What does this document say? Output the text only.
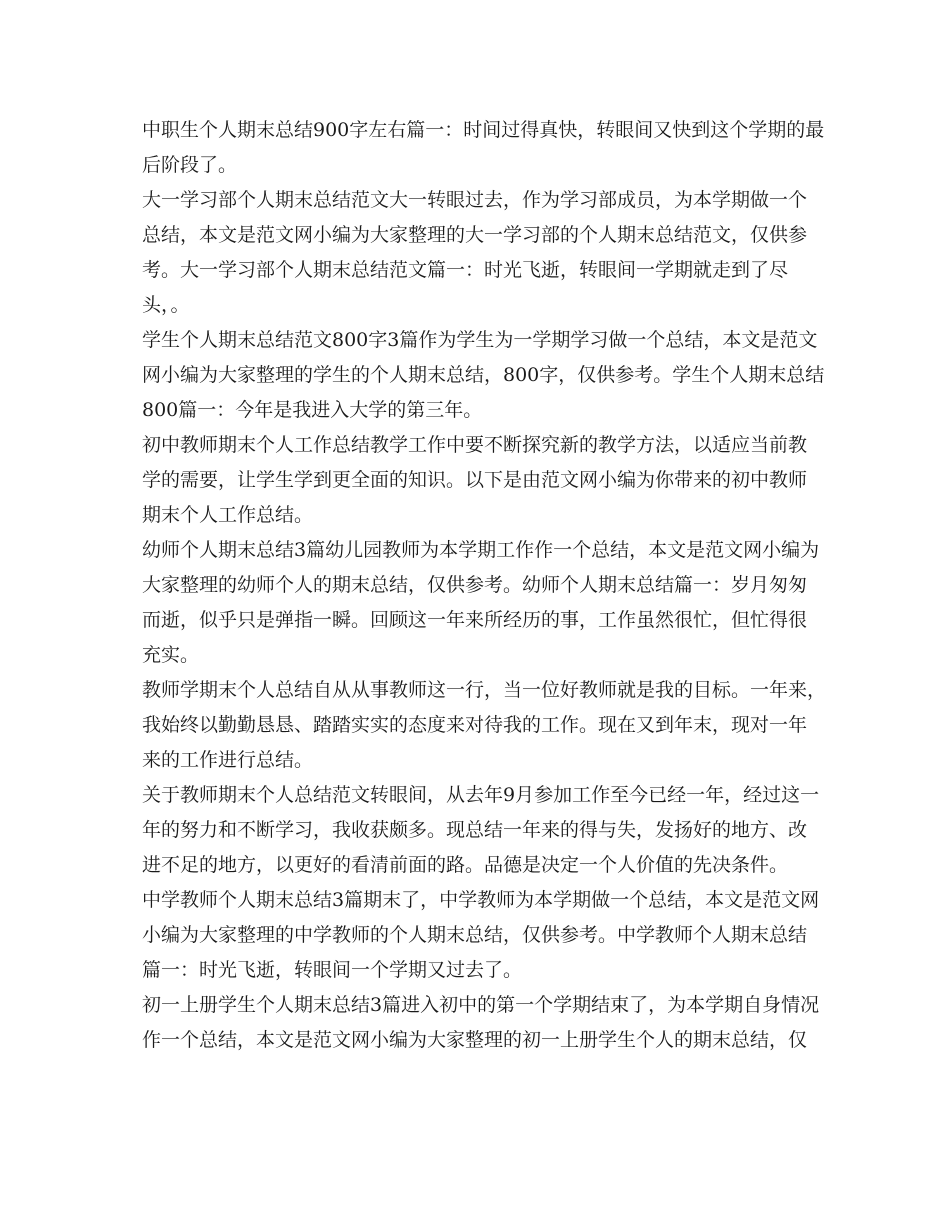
中职生个人期末总结900字左右篇一：时间过得真快，转眼间又快到这个学期的最
后阶段了。
大一学习部个人期末总结范文大一转眼过去，作为学习部成员，为本学期做一个
总结，本文是范文网小编为大家整理的大一学习部的个人期末总结范文，仅供参
考。大一学习部个人期末总结范文篇一：时光飞逝，转眼间一学期就走到了尽
头，。
学生个人期末总结范文800字3篇作为学生为一学期学习做一个总结，本文是范文
网小编为大家整理的学生的个人期末总结，800字，仅供参考。学生个人期末总结
800篇一：今年是我进入大学的第三年。
初中教师期末个人工作总结教学工作中要不断探究新的教学方法，以适应当前教
学的需要，让学生学到更全面的知识。以下是由范文网小编为你带来的初中教师
期末个人工作总结。
幼师个人期末总结3篇幼儿园教师为本学期工作作一个总结，本文是范文网小编为
大家整理的幼师个人的期末总结，仅供参考。幼师个人期末总结篇一：岁月匆匆
而逝，似乎只是弹指一瞬。回顾这一年来所经历的事，工作虽然很忙，但忙得很
充实。
教师学期末个人总结自从从事教师这一行，当一位好教师就是我的目标。一年来，
我始终以勤勤恳恳、踏踏实实的态度来对待我的工作。现在又到年末，现对一年
来的工作进行总结。
关于教师期末个人总结范文转眼间，从去年9月参加工作至今已经一年，经过这一
年的努力和不断学习，我收获颇多。现总结一年来的得与失，发扬好的地方、改
进不足的地方，以更好的看清前面的路。品德是决定一个人价值的先决条件。
中学教师个人期末总结3篇期末了，中学教师为本学期做一个总结，本文是范文网
小编为大家整理的中学教师的个人期末总结，仅供参考。中学教师个人期末总结
篇一：时光飞逝，转眼间一个学期又过去了。
初一上册学生个人期末总结3篇进入初中的第一个学期结束了，为本学期自身情况
作一个总结，本文是范文网小编为大家整理的初一上册学生个人的期末总结，仅
